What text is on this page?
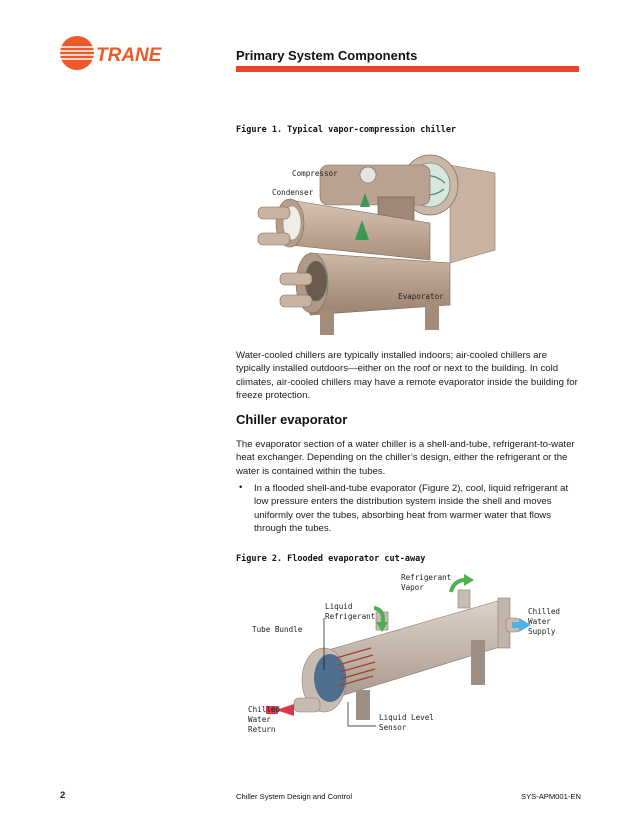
TRANE	Primary System Components
Figure 1. Typical vapor-compression chiller
Compressor
Condenser
Evaporator

Water-cooled chillers are typically installed indoors; air-cooled chillers are typically installed outdoors—either on the roof or next to the building. In cold climates, air-cooled chillers may have a remote evaporator inside the building for freeze protection.

Chiller evaporator

The evaporator section of a water chiller is a shell-and-tube, refrigerant-to-water heat exchanger. Depending on the chiller’s design, either the refrigerant or the water is contained within the tubes.

• In a flooded shell-and-tube evaporator (Figure 2), cool, liquid refrigerant at low pressure enters the distribution system inside the shell and moves uniformly over the tubes, absorbing heat from warmer water that flows through the tubes.

Figure 2. Flooded evaporator cut-away
Refrigerant
Vapor
Liquid
Refrigerant
Chilled
Water
Supply
Tube Bundle
Chilled
Water
Return
Liquid Level
Sensor
2	Chiller System Design and Control	SYS-APM001-EN
